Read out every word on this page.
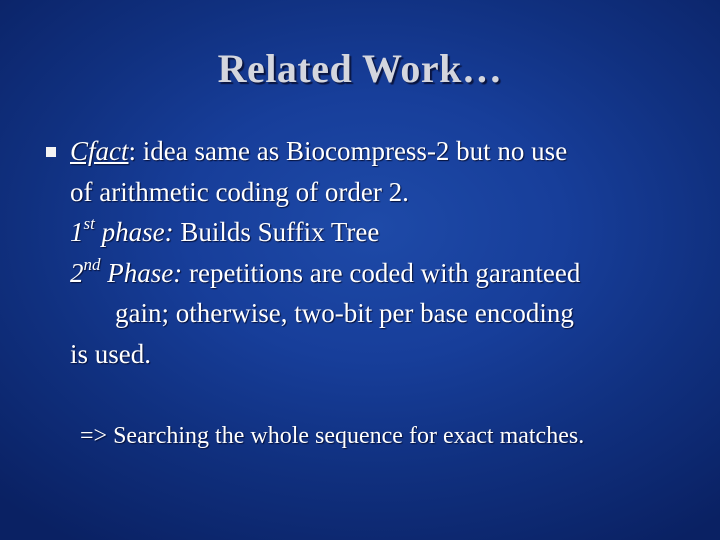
Related Work…
Cfact: idea same as Biocompress-2 but no use
of arithmetic coding of order 2.
1st phase: Builds Suffix Tree
2nd Phase: repetitions are coded with garanteed
gain; otherwise, two-bit per base encoding
is used.
=> Searching the whole sequence for exact matches.
